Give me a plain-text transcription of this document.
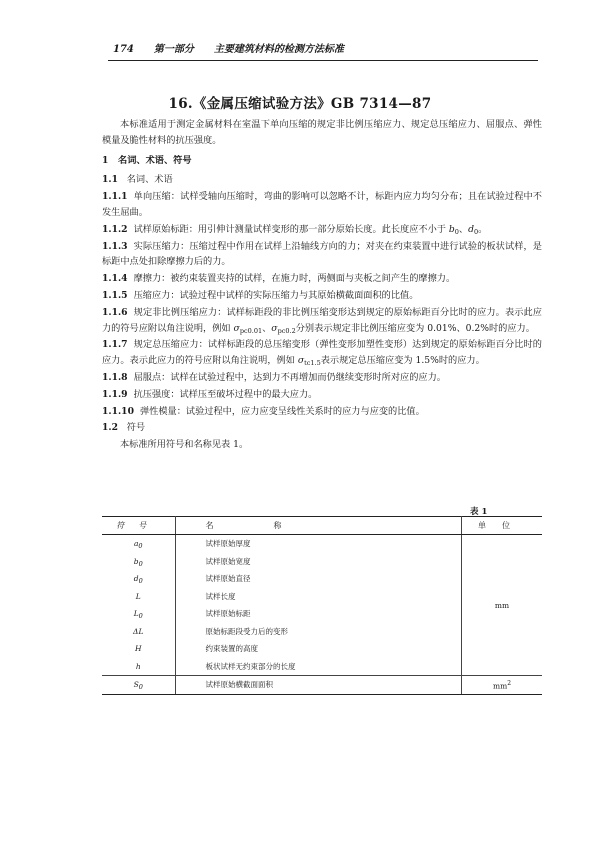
174 第一部分 主要建筑材料的检测方法标准
16.《金属压缩试验方法》GB 7314—87

本标准适用于测定金属材料在室温下单向压缩的规定非比例压缩应力、规定总压缩应力、屈服点、弹性模量及脆性材料的抗压强度。

1 名词、术语、符号

1.1 名词、术语

1.1.1 单向压缩：试样受轴向压缩时，弯曲的影响可以忽略不计，标距内应力均匀分布；且在试验过程中不发生屈曲。

1.1.2 试样原始标距：用引伸计测量试样变形的那一部分原始长度。此长度应不小于 $b_0$、$d_0$。

1.1.3 实际压缩力：压缩过程中作用在试样上沿轴线方向的力；对夹在约束装置中进行试验的板状试样，是标距中点处扣除摩擦力后的力。

1.1.4 摩擦力：被约束装置夹持的试样，在施力时，两侧面与夹板之间产生的摩擦力。

1.1.5 压缩应力：试验过程中试样的实际压缩力与其原始横截面面积的比值。

1.1.6 规定非比例压缩应力：试样标距段的非比例压缩变形达到规定的原始标距百分比时的应力。表示此应力的符号应附以角注说明，例如 $\sigma_{pc0.01}$、$\sigma_{pc0.2}$分别表示规定非比例压缩应变为 0.01%、0.2%时的应力。

1.1.7 规定总压缩应力：试样标距段的总压缩变形（弹性变形加塑性变形）达到规定的原始标距百分比时的应力。表示此应力的符号应附以角注说明，例如 $\sigma_{tc1.5}$表示规定总压缩应变为 1.5%时的应力。

1.1.8 屈服点：试样在试验过程中，达到力不再增加而仍继续变形时所对应的应力。

1.1.9 抗压强度：试样压至破坏过程中的最大应力。

1.1.10 弹性模量：试验过程中，应力应变呈线性关系时的应力与应变的比值。

1.2 符号

本标准所用符号和名称见表 1。

表 1
符号	名称	单位
$a_0$	试样原始厚度	mm
$b_0$	试样原始宽度	
$d_0$	试样原始直径	
L	试样长度	
$L_0$	试样原始标距	
ΔL	原始标距段受力后的变形	
H	约束装置的高度	
h	板状试样无约束部分的长度	
$S_0$	试样原始横截面面积	$mm^2$
